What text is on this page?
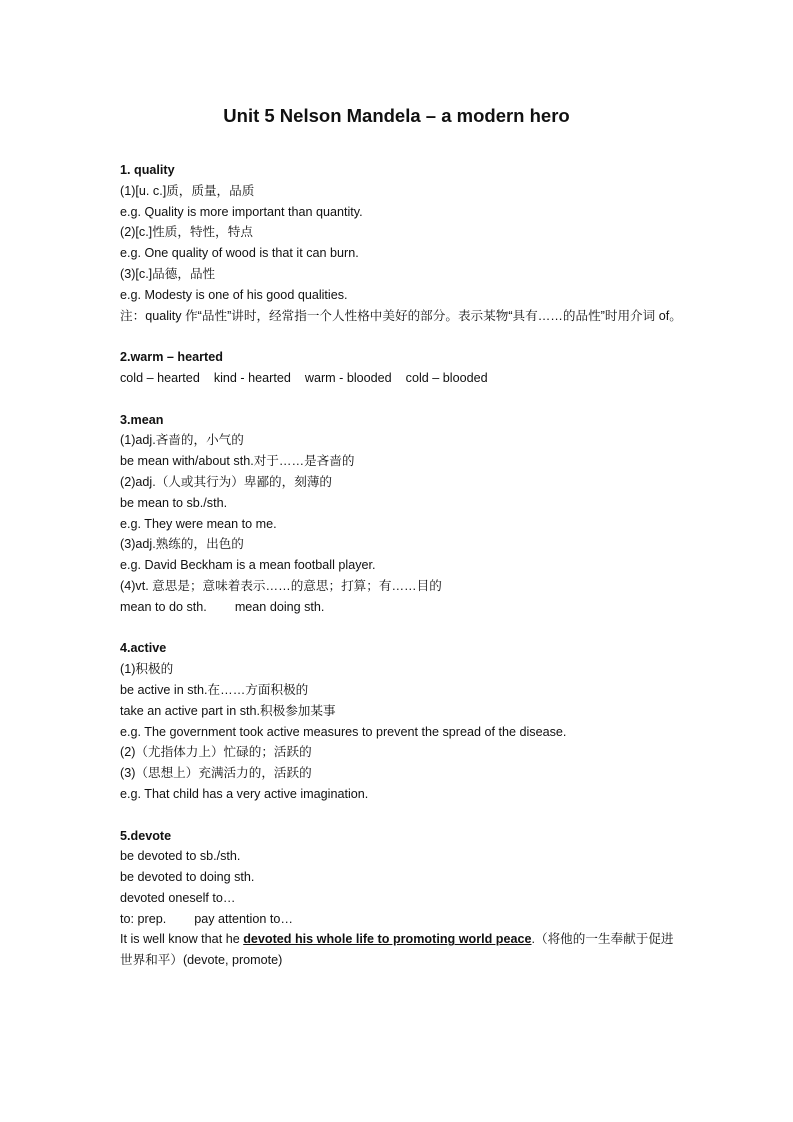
Unit 5 Nelson Mandela – a modern hero
1. quality
(1)[u. c.]质，质量，品质
e.g. Quality is more important than quantity.
(2)[c.]性质，特性，特点
e.g. One quality of wood is that it can burn.
(3)[c.]品德，品性
e.g. Modesty is one of his good qualities.
注：quality 作“品性”讲时，经常指一个人性格中美好的部分。表示某物“具有……的品性”时用介词 of。
2.warm – hearted
cold – hearted kind - hearted warm - blooded cold – blooded
3.mean
(1)adj.吝啬的，小气的
be mean with/about sth.对于……是吝啬的
(2)adj.（人或其行为）卑鄙的，刻薄的
be mean to sb./sth.
e.g. They were mean to me.
(3)adj.熟练的，出色的
e.g. David Beckham is a mean football player.
(4)vt. 意思是；意味着表示……的意思；打算；有……目的
mean to do sth. mean doing sth.
4.active
(1)积极的
be active in sth.在……方面积极的
take an active part in sth.积极参加某事
e.g. The government took active measures to prevent the spread of the disease.
(2)（尤指体力上）忙碌的；活跃的
(3)（思想上）充满活力的，活跃的
e.g. That child has a very active imagination.
5.devote
be devoted to sb./sth.
be devoted to doing sth.
devoted oneself to…
to: prep. pay attention to…
It is well know that he devoted his whole life to promoting world peace.（将他的一生奉献于促进世界和平）(devote, promote)
